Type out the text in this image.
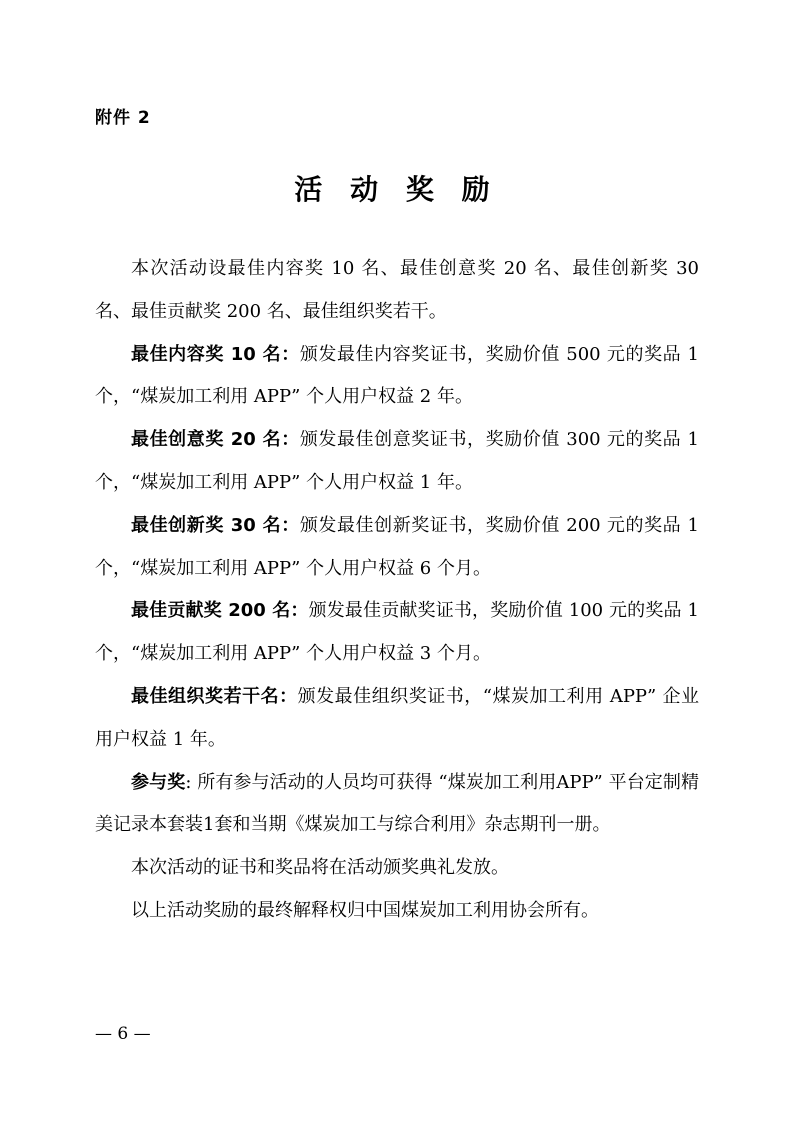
附件 2
活 动 奖 励

本次活动设最佳内容奖 10 名、最佳创意奖 20 名、最佳创新奖 30 名、最佳贡献奖 200 名、最佳组织奖若干。

最佳内容奖 10 名：颁发最佳内容奖证书，奖励价值 500 元的奖品 1 个，“煤炭加工利用 APP” 个人用户权益 2 年。

最佳创意奖 20 名：颁发最佳创意奖证书，奖励价值 300 元的奖品 1 个，“煤炭加工利用 APP” 个人用户权益 1 年。

最佳创新奖 30 名：颁发最佳创新奖证书，奖励价值 200 元的奖品 1 个，“煤炭加工利用 APP” 个人用户权益 6 个月。

最佳贡献奖 200 名：颁发最佳贡献奖证书，奖励价值 100 元的奖品 1 个，“煤炭加工利用 APP” 个人用户权益 3 个月。

最佳组织奖若干名：颁发最佳组织奖证书，“煤炭加工利用 APP” 企业用户权益 1 年。

参与奖: 所有参与活动的人员均可获得 “煤炭加工利用APP” 平台定制精美记录本套装1套和当期《煤炭加工与综合利用》杂志期刊一册。

本次活动的证书和奖品将在活动颁奖典礼发放。

以上活动奖励的最终解释权归中国煤炭加工利用协会所有。

— 6 —
